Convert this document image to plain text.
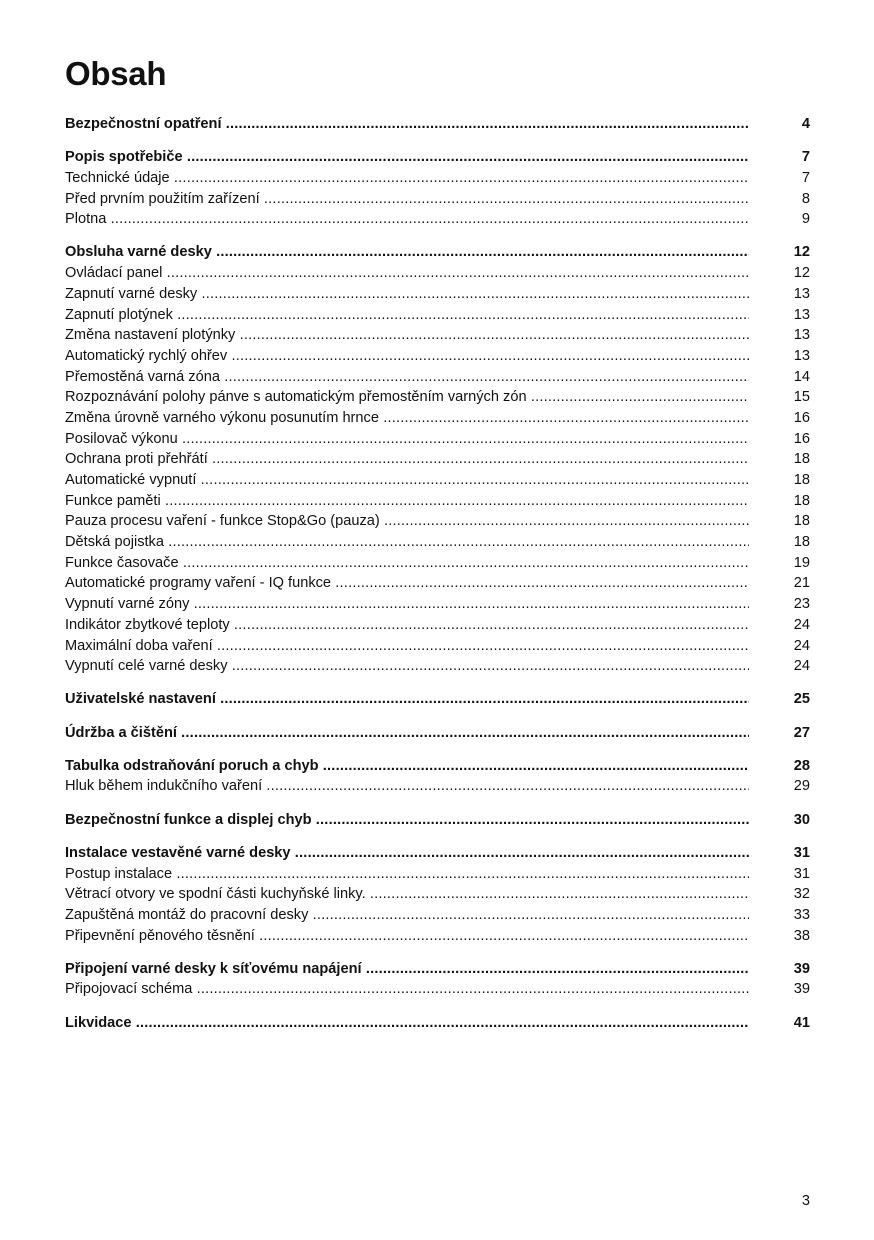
Obsah
Bezpečnostní opatření .....	4
Popis spotřebiče .....	7
Technické údaje .....	7
Před prvním použitím zařízení .....	8
Plotna .....	9
Obsluha varné desky .....	12
Ovládací panel .....	12
Zapnutí varné desky .....	13
Zapnutí plotýnek .....	13
Změna nastavení plotýnky .....	13
Automatický rychlý ohřev .....	13
Přemostěná varná zóna .....	14
Rozpoznávání polohy pánve s automatickým přemostěním varných zón .....	15
Změna úrovně varného výkonu posunutím hrnce .....	16
Posilovač výkonu .....	16
Ochrana proti přehřátí .....	18
Automatické vypnutí .....	18
Funkce paměti .....	18
Pauza procesu vaření - funkce Stop&Go (pauza) .....	18
Dětská pojistka .....	18
Funkce časovače .....	19
Automatické programy vaření - IQ funkce .....	21
Vypnutí varné zóny .....	23
Indikátor zbytkové teploty .....	24
Maximální doba vaření .....	24
Vypnutí celé varné desky .....	24
Uživatelské nastavení .....	25
Údržba a čištění .....	27
Tabulka odstraňování poruch a chyb .....	28
Hluk během indukčního vaření .....	29
Bezpečnostní funkce a displej chyb .....	30
Instalace vestavěné varné desky .....	31
Postup instalace .....	31
Větrací otvory ve spodní části kuchyňské linky. .....	32
Zapuštěná montáž do pracovní desky .....	33
Připevnění pěnového těsnění .....	38
Připojení varné desky k síťovému napájení .....	39
Připojovací schéma .....	39
Likvidace .....	41
3
